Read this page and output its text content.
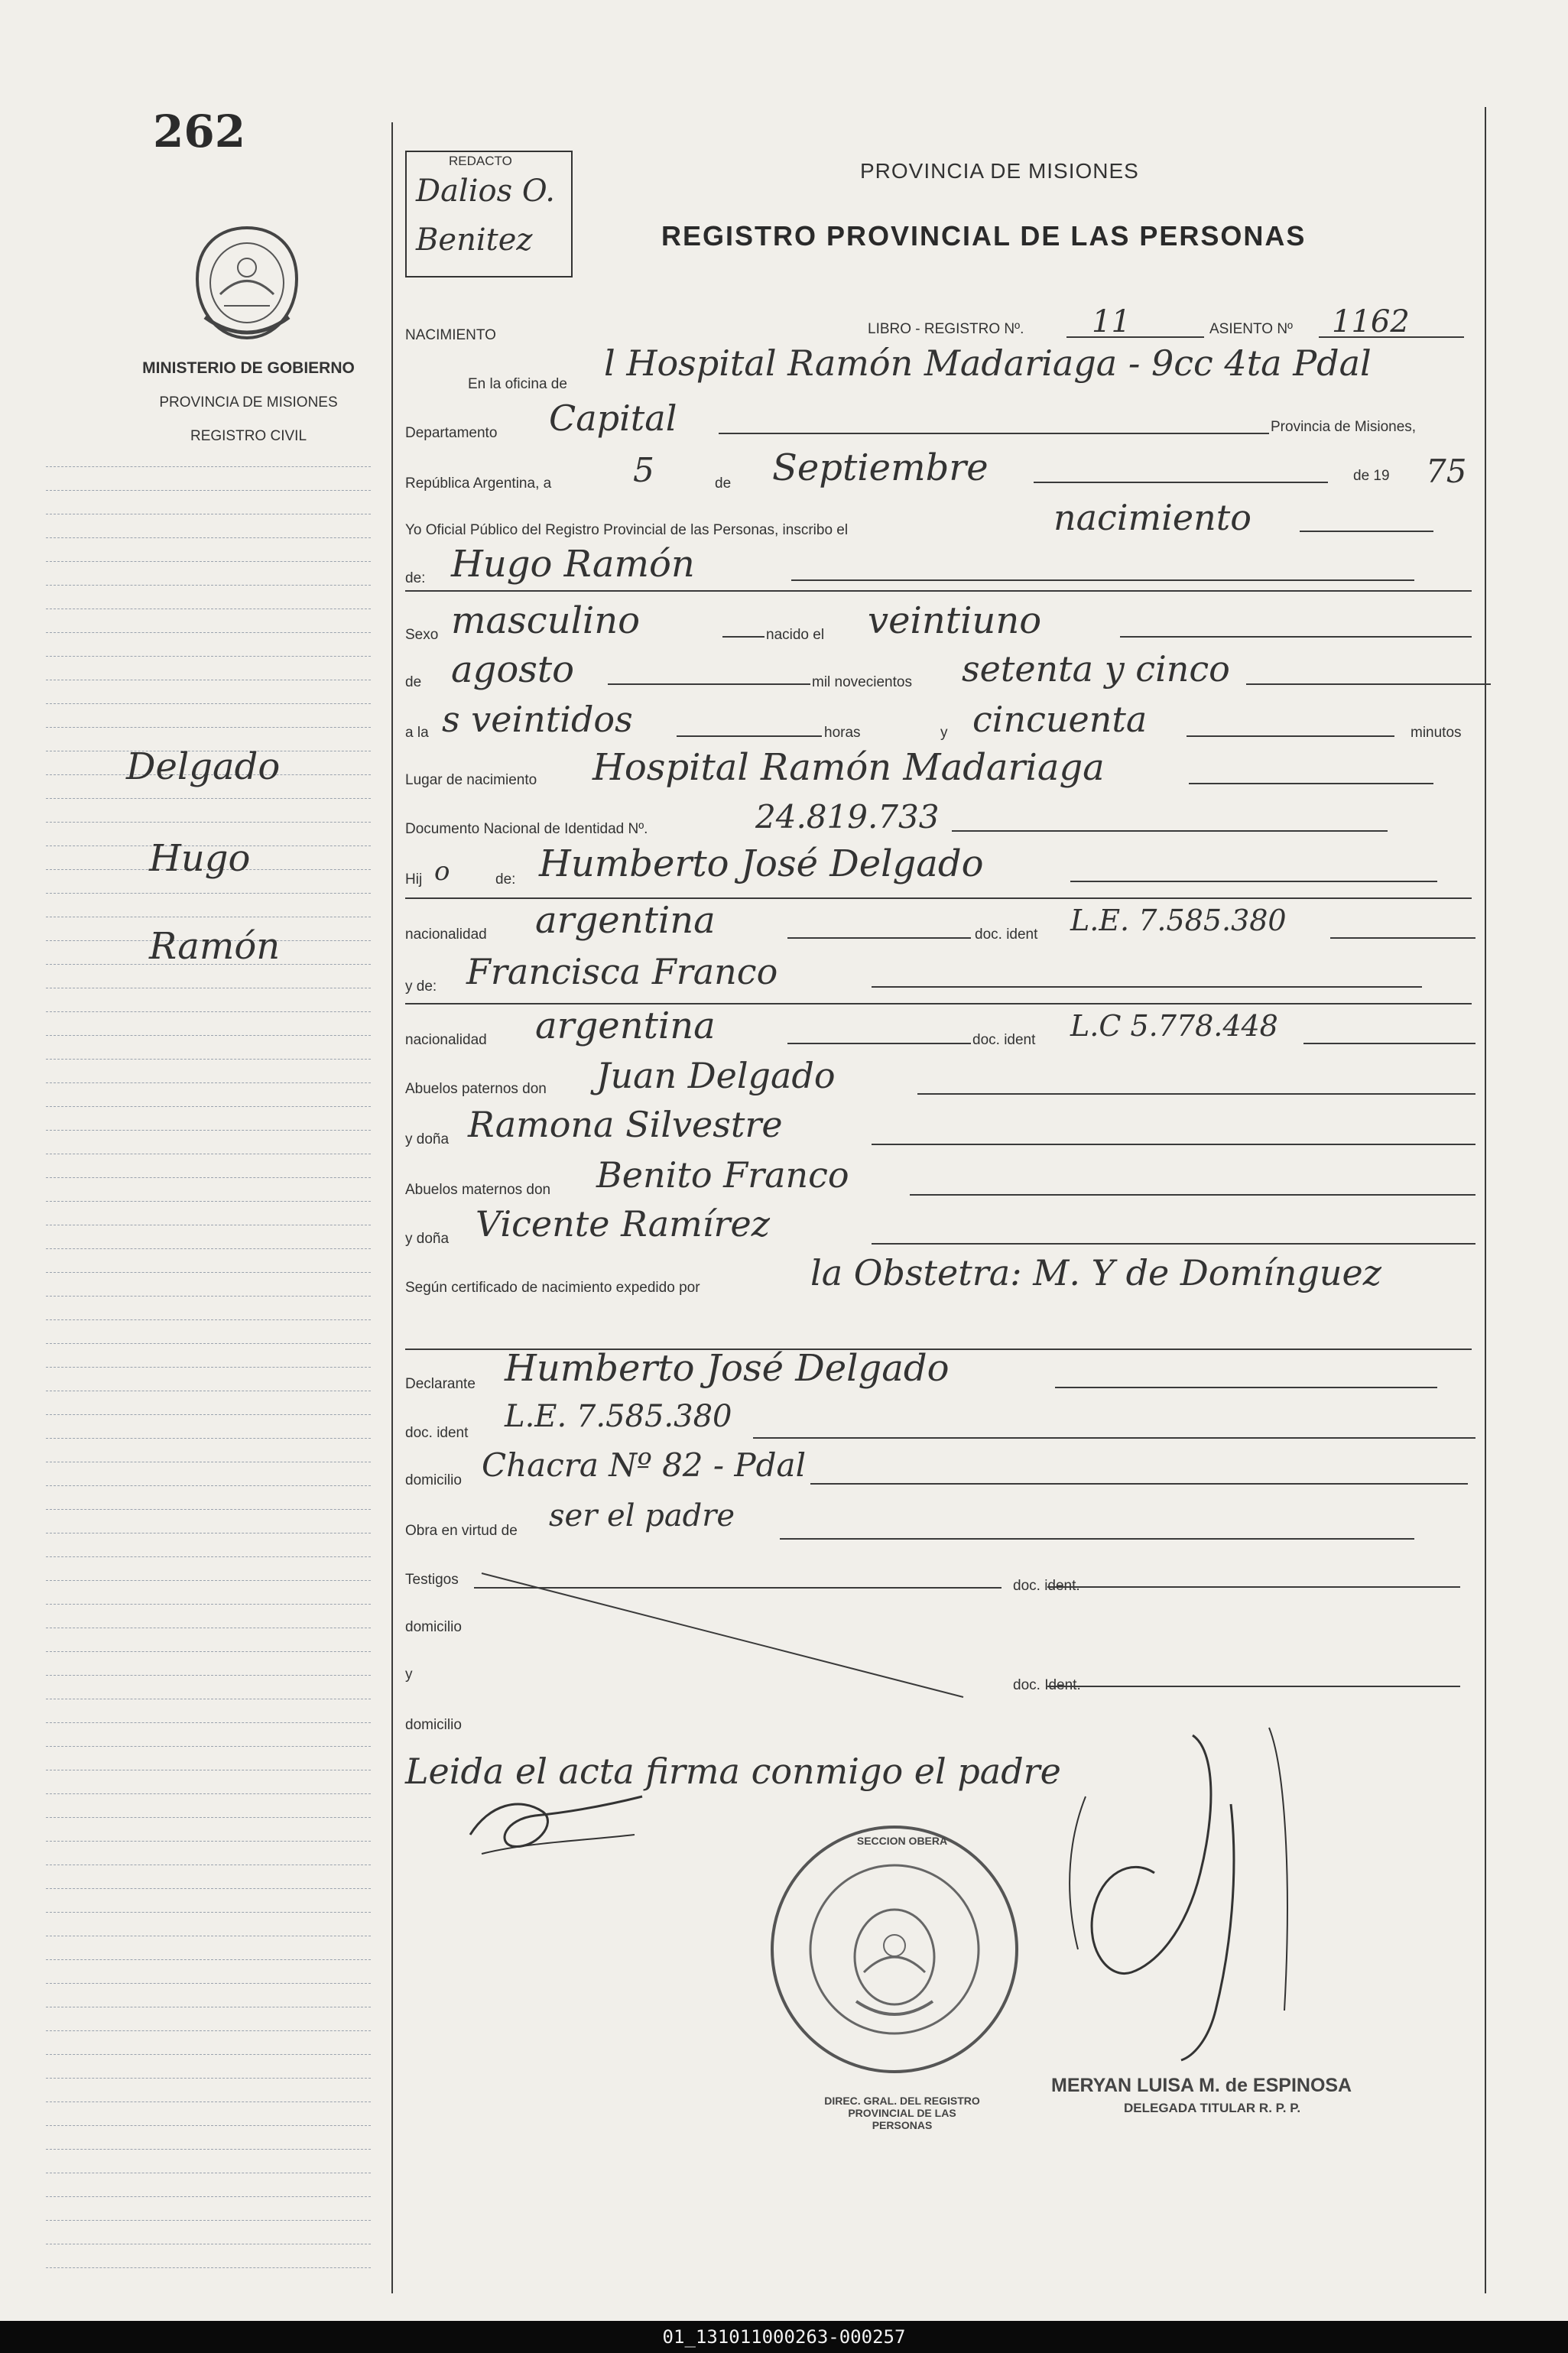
262
MINISTERIO DE GOBIERNO
PROVINCIA DE MISIONES
REGISTRO CIVIL
Delgado
Hugo
Ramón
REDACTO
Dalios O.
Benitez
PROVINCIA DE MISIONES
REGISTRO PROVINCIAL DE LAS PERSONAS
NACIMIENTO	LIBRO - REGISTRO Nº. 11	ASIENTO Nº 1162
En la oficina de
l Hospital Ramón Madariaga - 9cc 4ta Pdal
Departamento Capital	Provincia de Misiones,
República Argentina, a 5	de Septiembre	de 19 75
Yo Oficial Público del Registro Provincial de las Personas, inscribo el	nacimiento
de: Hugo Ramón
Sexo masculino	nacido el veintiuno
de agosto	mil novecientos setenta y cinco
a la s veintidos	horas	y cincuenta	minutos
Lugar de nacimiento Hospital Ramón Madariaga
Documento Nacional de Identidad Nº.	24.819.733
Hij o	de: Humberto José Delgado
nacionalidad argentina	doc. ident L.E. 7.585.380
y de: Francisca Franco
nacionalidad argentina	doc. ident L.C 5.778.448
Abuelos paternos don Juan Delgado
y doña Ramona Silvestre
Abuelos maternos don Benito Franco
y doña Vicente Ramírez
Según certificado de nacimiento expedido por	la Obstetra: M. Y de Domínguez
Declarante Humberto José Delgado
doc. ident L.E. 7.585.380
domicilio Chacra Nº 82 - Pdal
Obra en virtud de ser el padre
Testigos	doc. ident.
domicilio
y
doc. Ident.
domicilio
Leida el acta firma conmigo el padre
DIREC. GRAL. DEL REGISTRO PROVINCIAL DE LAS PERSONAS
SECCION OBERA
MERYAN LUISA M. de ESPINOSA
DELEGADA TITULAR R. P. P.
01_131011000263-000257
